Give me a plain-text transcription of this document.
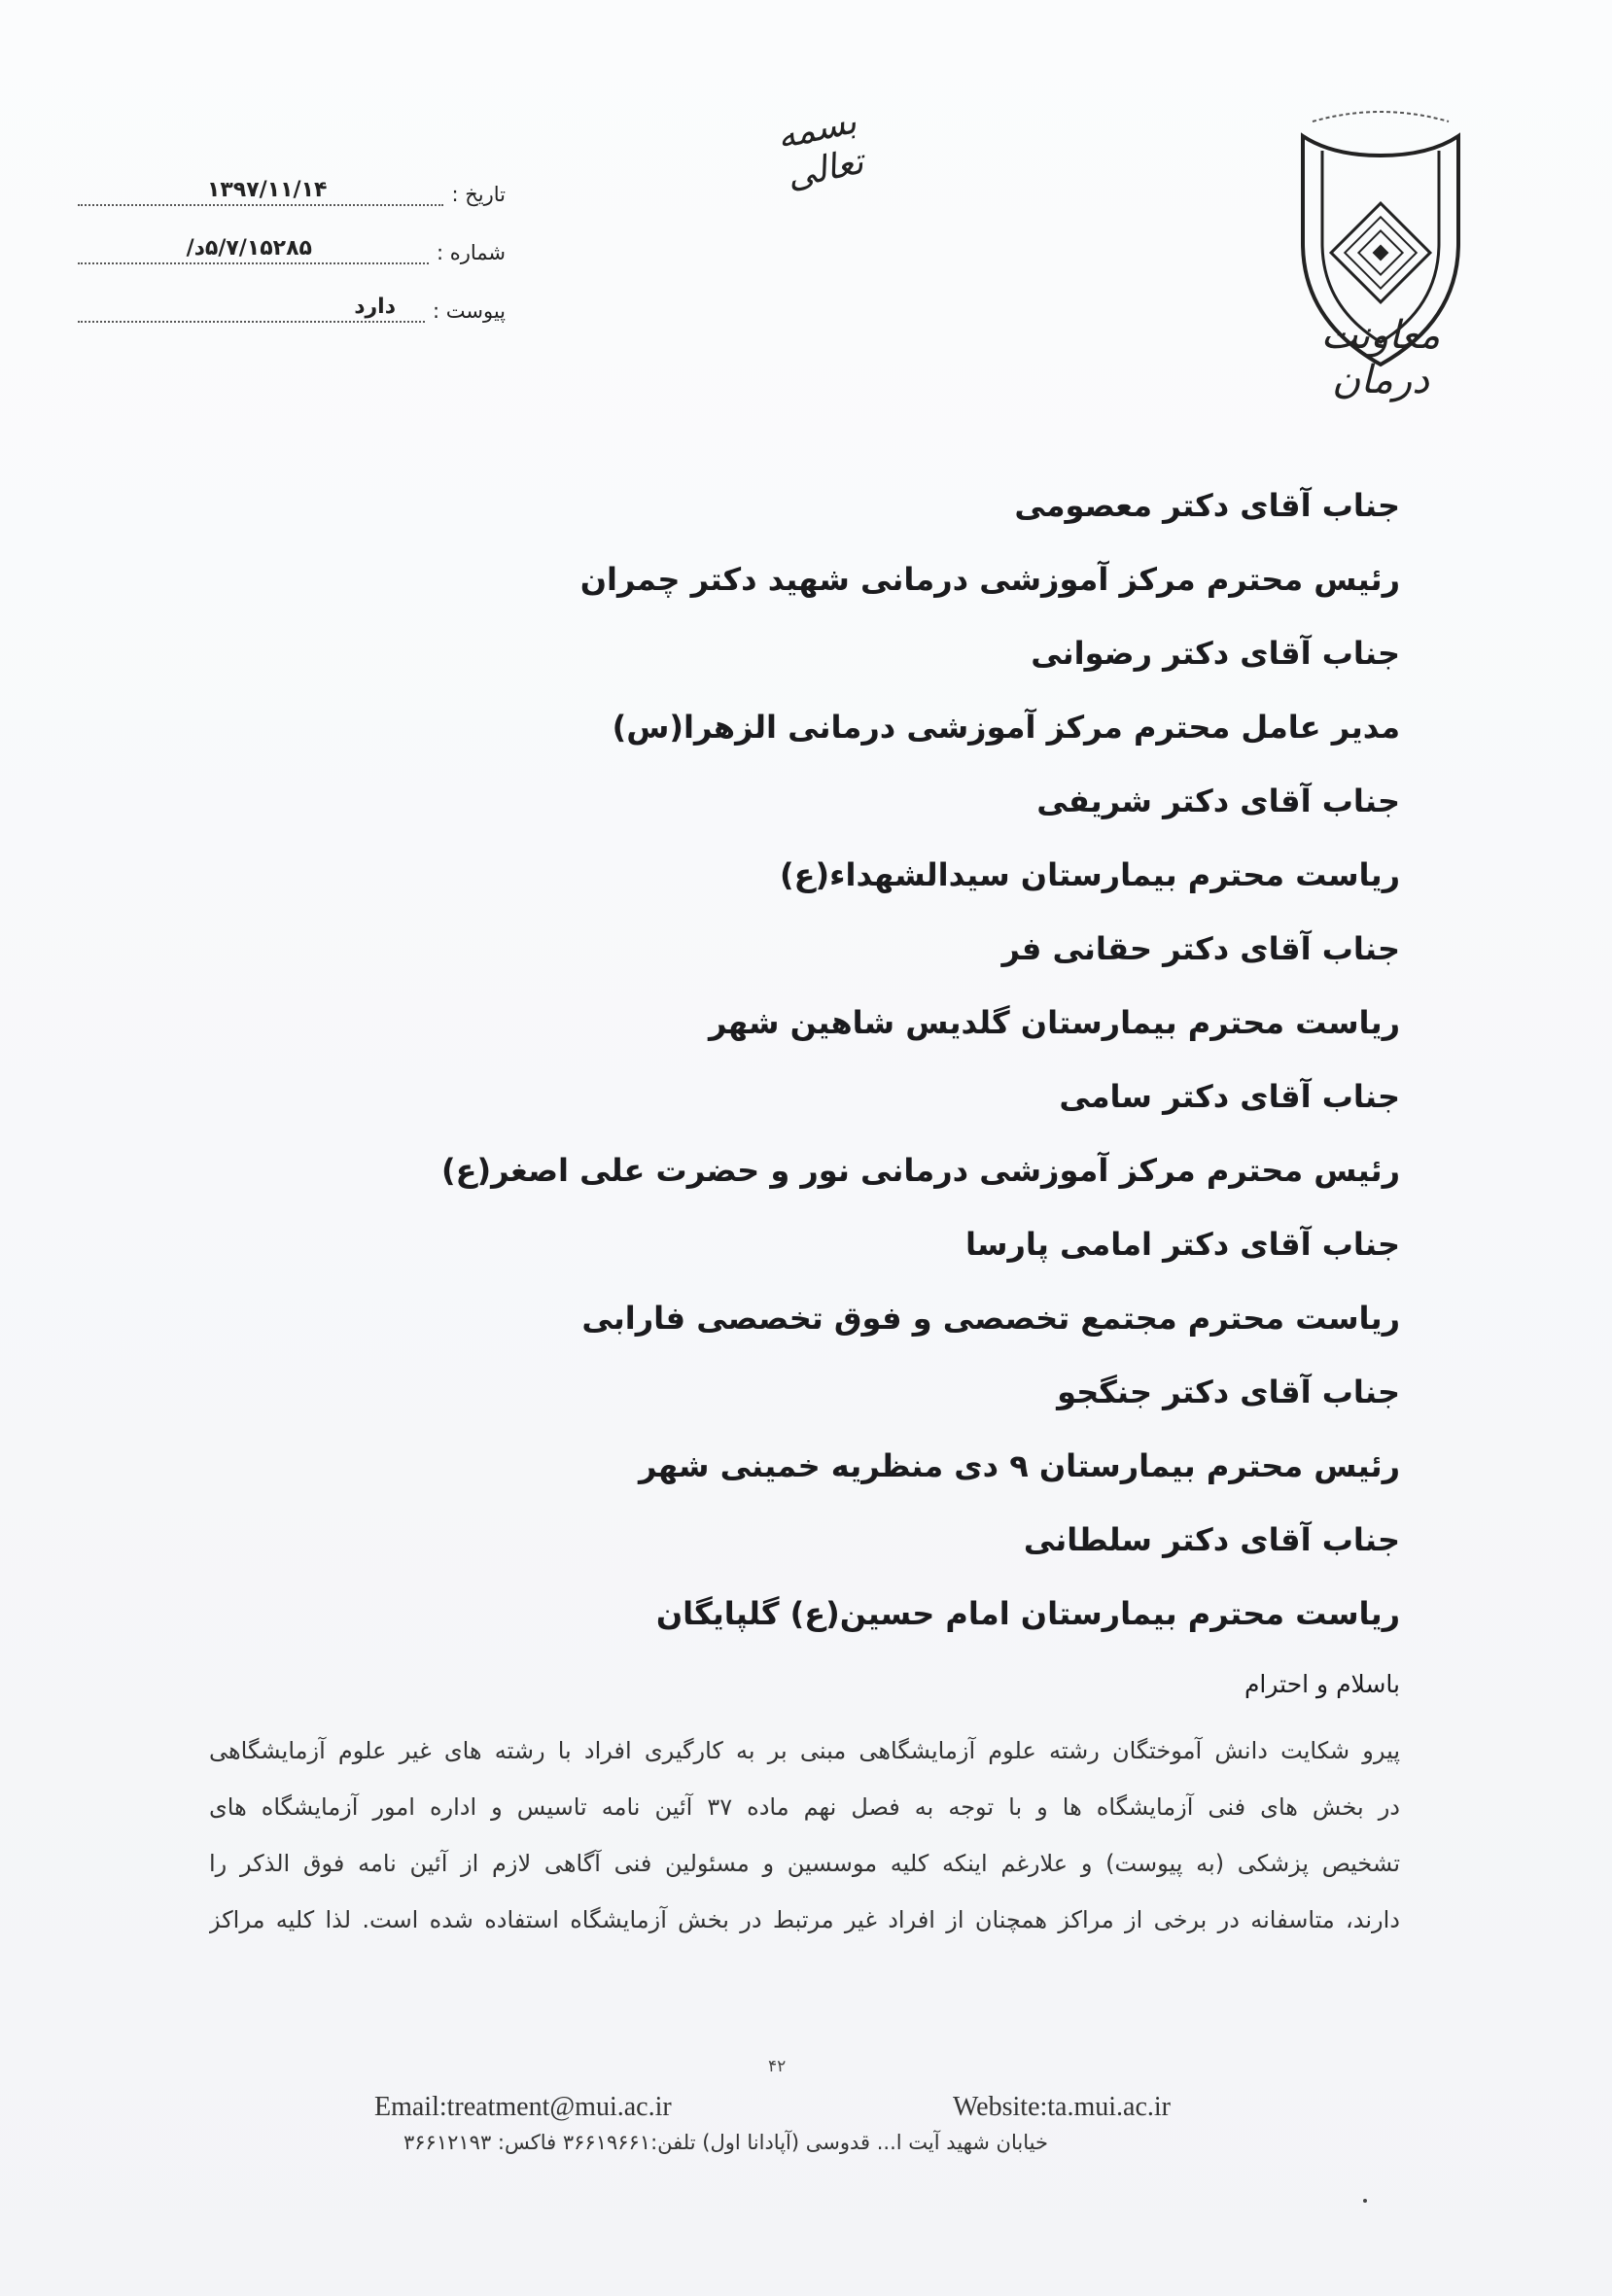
معاونت درمان
بسمه تعالی
تاریخ :
۱۳۹۷/۱۱/۱۴
شماره :
۵/۷/۱۵۲۸۵د/
پیوست :
دارد
جناب آقای دکتر معصومی
رئیس محترم مرکز آموزشی درمانی شهید دکتر چمران
جناب آقای دکتر رضوانی
مدیر عامل محترم مرکز آموزشی درمانی الزهرا(س)
جناب آقای دکتر شریفی
ریاست محترم بیمارستان سیدالشهداء(ع)
جناب آقای دکتر حقانی فر
ریاست محترم بیمارستان گلدیس شاهین شهر
جناب آقای دکتر سامی
رئیس محترم مرکز آموزشی درمانی نور و حضرت علی اصغر(ع)
جناب آقای دکتر امامی پارسا
ریاست محترم مجتمع تخصصی و فوق تخصصی فارابی
جناب آقای دکتر جنگجو
رئیس محترم بیمارستان ۹ دی منظریه خمینی شهر
جناب آقای دکتر سلطانی
ریاست محترم بیمارستان امام حسین(ع) گلپایگان
باسلام و احترام
پیرو شکایت دانش آموختگان رشته علوم آزمایشگاهی مبنی بر به کارگیری افراد با رشته های غیر علوم آزمایشگاهی
در بخش های فنی آزمایشگاه ها و با توجه به فصل نهم ماده ۳۷ آئین نامه تاسیس و اداره امور آزمایشگاه های
تشخیص پزشکی (به پیوست) و علارغم اینکه کلیه موسسین و مسئولین فنی آگاهی لازم از آئین نامه فوق الذکر را
دارند، متاسفانه در برخی از مراکز همچنان از افراد غیر مرتبط در بخش آزمایشگاه استفاده شده است. لذا کلیه مراکز
۴۲
Email:treatment@mui.ac.ir	Website:ta.mui.ac.ir
خیابان شهید آیت ا... قدوسی (آپادانا اول) تلفن:۳۶۶۱۹۶۶۱ فاکس: ۳۶۶۱۲۱۹۳
